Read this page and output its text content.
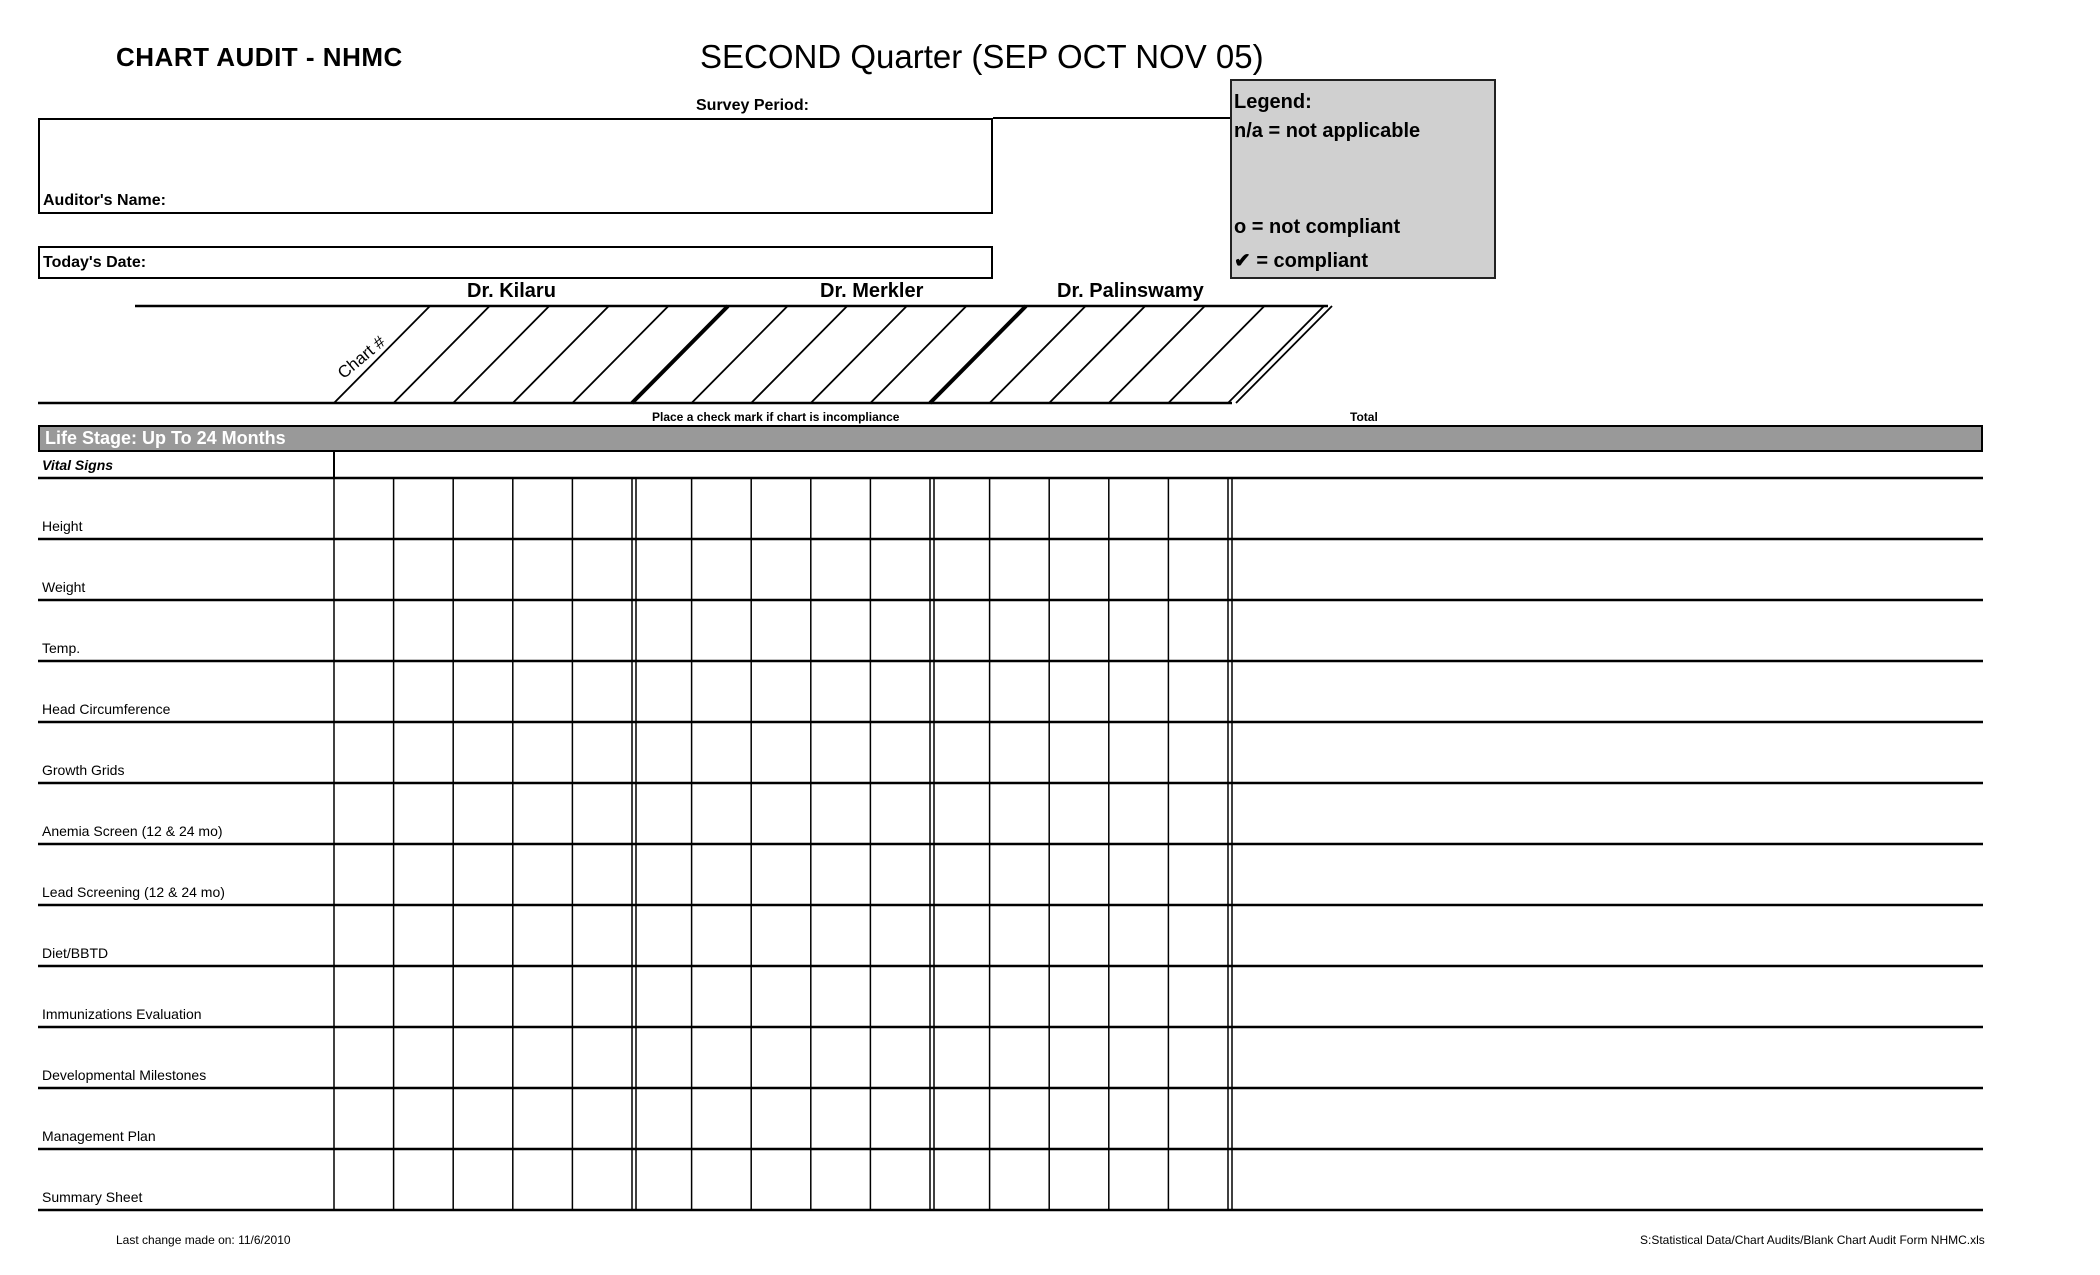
CHART AUDIT - NHMC	SECOND Quarter (SEP OCT NOV 05)
Survey Period:
Auditor's Name:
Today's Date:
Legend:
n/a = not applicable
o = not compliant
✔ = compliant
Dr. Kilaru	Dr. Merkler	Dr. Palinswamy
Chart #
Place a check mark if chart is incompliance	Total
Life Stage: Up To 24 Months
Vital Signs
Height
Weight
Temp.
Head Circumference
Growth Grids
Anemia Screen (12 & 24 mo)
Lead Screening (12 & 24 mo)
Diet/BBTD
Immunizations Evaluation
Developmental Milestones
Management Plan
Summary Sheet
Last change made on: 11/6/2010	S:Statistical Data/Chart Audits/Blank Chart Audit Form NHMC.xls
